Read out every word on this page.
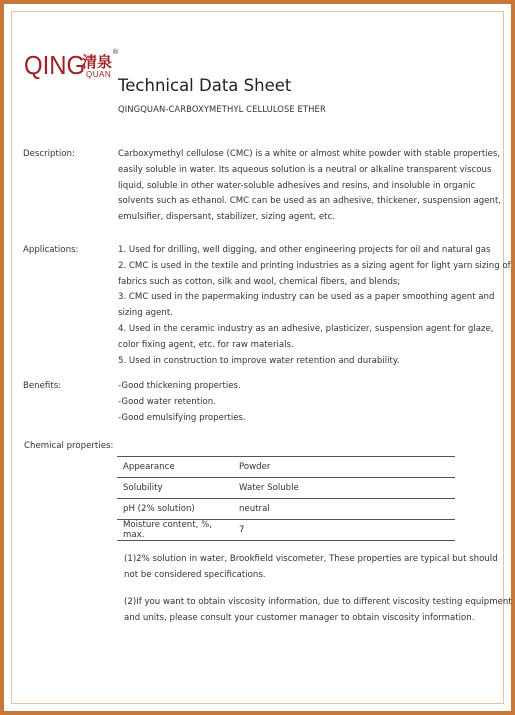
QING
清泉
QUAN
®
Technical Data Sheet
QINGQUAN-CARBOXYMETHYL CELLULOSE ETHER
Description:	Carboxymethyl cellulose (CMC) is a white or almost white powder with stable properties,
easily soluble in water. Its aqueous solution is a neutral or alkaline transparent viscous
liquid, soluble in other water-soluble adhesives and resins, and insoluble in organic
solvents such as ethanol. CMC can be used as an adhesive, thickener, suspension agent,
emulsifier, dispersant, stabilizer, sizing agent, etc.
Applications:	1. Used for drilling, well digging, and other engineering projects for oil and natural gas
2. CMC is used in the textile and printing industries as a sizing agent for light yarn sizing of
fabrics such as cotton, silk and wool, chemical fibers, and blends;
3. CMC used in the papermaking industry can be used as a paper smoothing agent and
sizing agent.
4. Used in the ceramic industry as an adhesive, plasticizer, suspension agent for glaze,
color fixing agent, etc. for raw materials.
5. Used in construction to improve water retention and durability.
Benefits:	-Good thickening properties.
-Good water retention.
-Good emulsifying properties.
Chemical properties:
Appearance	Powder
Solubility	Water Soluble
pH (2% solution)	neutral
Moisture content, %, max.	7
(1)2% solution in water, Brookfield viscometer, These properties are typical but should
not be considered specifications.
(2)If you want to obtain viscosity information, due to different viscosity testing equipment
and units, please consult your customer manager to obtain viscosity information.
